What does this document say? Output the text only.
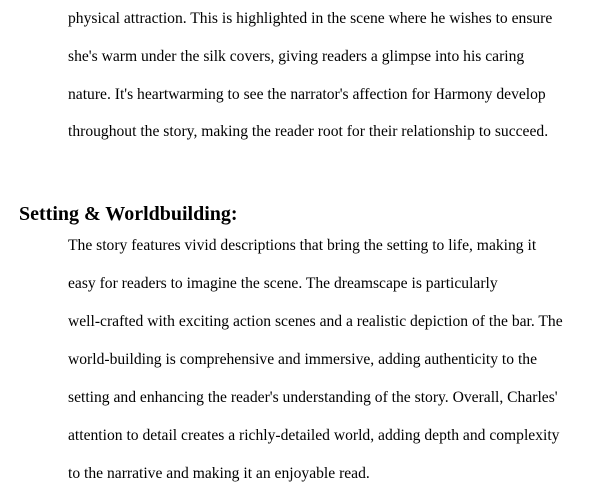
physical attraction. This is highlighted in the scene where he wishes to ensure
she's warm under the silk covers, giving readers a glimpse into his caring
nature. It's heartwarming to see the narrator's affection for Harmony develop
throughout the story, making the reader root for their relationship to succeed.
Setting & Worldbuilding:
The story features vivid descriptions that bring the setting to life, making it
easy for readers to imagine the scene. The dreamscape is particularly
well-crafted with exciting action scenes and a realistic depiction of the bar. The
world-building is comprehensive and immersive, adding authenticity to the
setting and enhancing the reader's understanding of the story. Overall, Charles'
attention to detail creates a richly-detailed world, adding depth and complexity
to the narrative and making it an enjoyable read.
